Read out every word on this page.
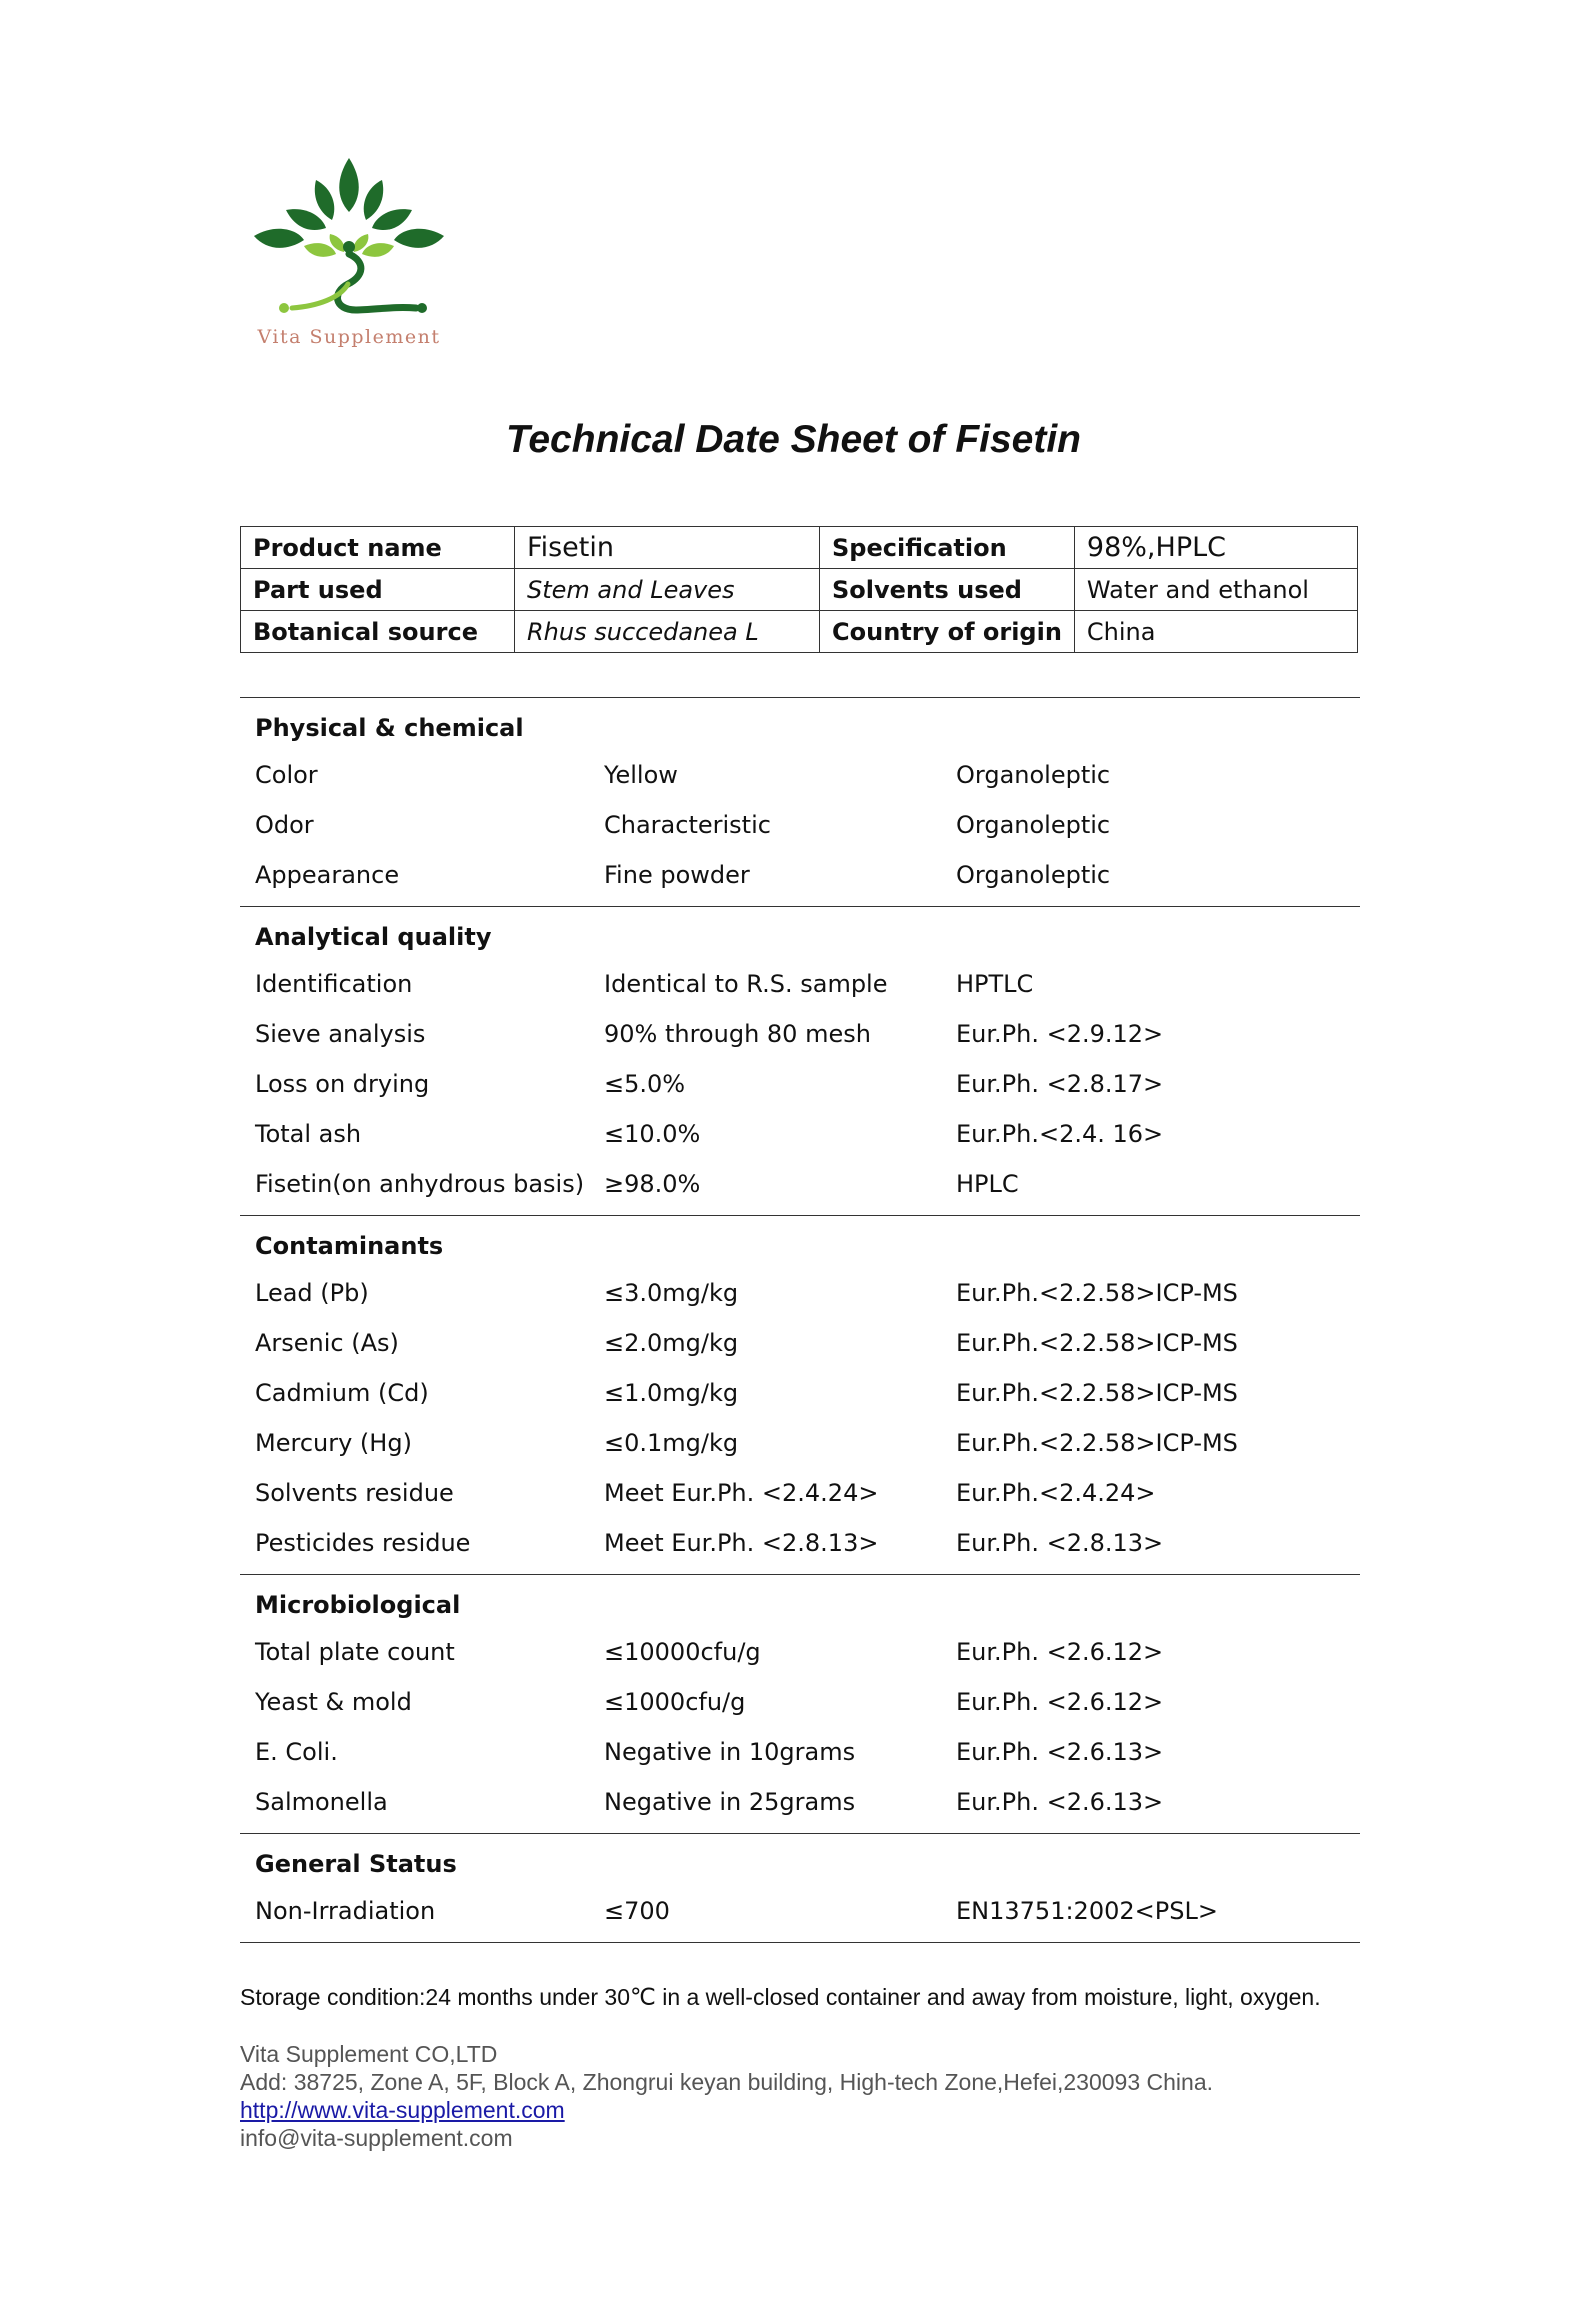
Vita Supplement
Technical Date Sheet of Fisetin
Product name	Fisetin	Specification	98%,HPLC
Part used	Stem and Leaves	Solvents used	Water and ethanol
Botanical source	Rhus succedanea L	Country of origin	China
Physical & chemical
Color	Yellow	Organoleptic
Odor	Characteristic	Organoleptic
Appearance	Fine powder	Organoleptic
Analytical quality
Identification	Identical to R.S. sample	HPTLC
Sieve analysis	90% through 80 mesh	Eur.Ph. <2.9.12>
Loss on drying	≤5.0%	Eur.Ph. <2.8.17>
Total ash	≤10.0%	Eur.Ph.<2.4. 16>
Fisetin(on anhydrous basis) ≥98.0%	HPLC
Contaminants
Lead (Pb)	≤3.0mg/kg	Eur.Ph.<2.2.58>ICP-MS
Arsenic (As)	≤2.0mg/kg	Eur.Ph.<2.2.58>ICP-MS
Cadmium (Cd)	≤1.0mg/kg	Eur.Ph.<2.2.58>ICP-MS
Mercury (Hg)	≤0.1mg/kg	Eur.Ph.<2.2.58>ICP-MS
Solvents residue	Meet Eur.Ph. <2.4.24>	Eur.Ph.<2.4.24>
Pesticides residue	Meet Eur.Ph. <2.8.13>	Eur.Ph. <2.8.13>
Microbiological
Total plate count	≤10000cfu/g	Eur.Ph. <2.6.12>
Yeast & mold	≤1000cfu/g	Eur.Ph. <2.6.12>
E. Coli.	Negative in 10grams	Eur.Ph. <2.6.13>
Salmonella	Negative in 25grams	Eur.Ph. <2.6.13>
General Status
Non-Irradiation	≤700	EN13751:2002<PSL>
Storage condition:24 months under 30℃ in a well-closed container and away from moisture, light, oxygen.
Vita Supplement CO,LTD
Add: 38725, Zone A, 5F, Block A, Zhongrui keyan building, High-tech Zone,Hefei,230093 China.
http://www.vita-supplement.com
info@vita-supplement.com
